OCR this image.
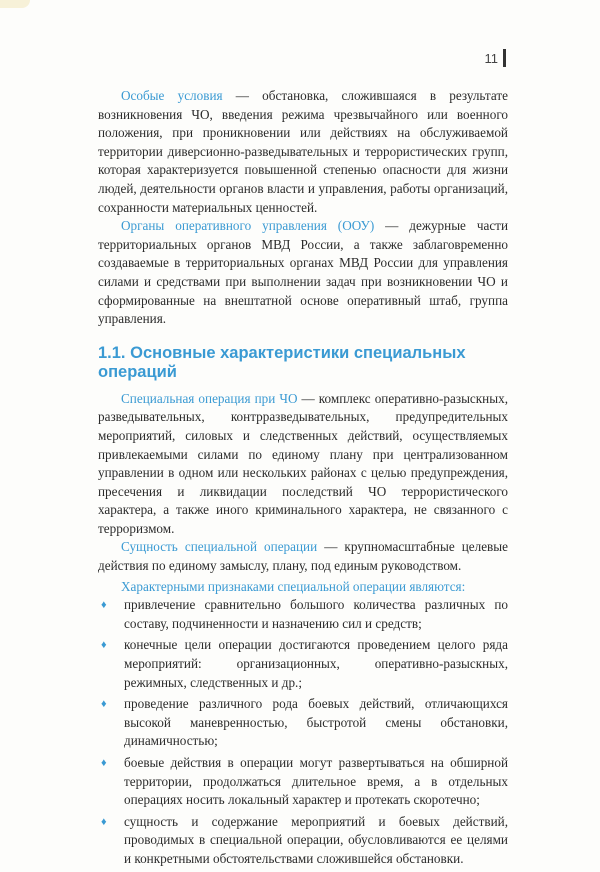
11

Особые условия — обстановка, сложившаяся в результате возникновения ЧО, введения режима чрезвычайного или военного положения, при проникновении или действиях на обслуживаемой территории диверсионно-разведывательных и террористических групп, которая характеризуется повышенной степенью опасности для жизни людей, деятельности органов власти и управления, работы организаций, сохранности материальных ценностей.

Органы оперативного управления (ООУ) — дежурные части территориальных органов МВД России, а также заблаговременно создаваемые в территориальных органах МВД России для управления силами и средствами при выполнении задач при возникновении ЧО и сформированные на внештатной основе оперативный штаб, группа управления.

1.1. Основные характеристики специальных операций

Специальная операция при ЧО — комплекс оперативно-разыскных, разведывательных, контрразведывательных, предупредительных мероприятий, силовых и следственных действий, осуществляемых привлекаемыми силами по единому плану при централизованном управлении в одном или нескольких районах с целью предупреждения, пресечения и ликвидации последствий ЧО террористического характера, а также иного криминального характера, не связанного с терроризмом.

Сущность специальной операции — крупномасштабные целевые действия по единому замыслу, плану, под единым руководством.

Характерными признаками специальной операции являются:
♦	привлечение сравнительно большого количества различных по составу, подчиненности и назначению сил и средств;
♦	конечные цели операции достигаются проведением целого ряда мероприятий: организационных, оперативно-разыскных, режимных, следственных и др.;
♦	проведение различного рода боевых действий, отличающихся высокой маневренностью, быстротой смены обстановки, динамичностью;
♦	боевые действия в операции могут развертываться на обширной территории, продолжаться длительное время, а в отдельных операциях носить локальный характер и протекать скоротечно;
♦	сущность и содержание мероприятий и боевых действий, проводимых в специальной операции, обусловливаются ее целями и конкретными обстоятельствами сложившейся обстановки.
